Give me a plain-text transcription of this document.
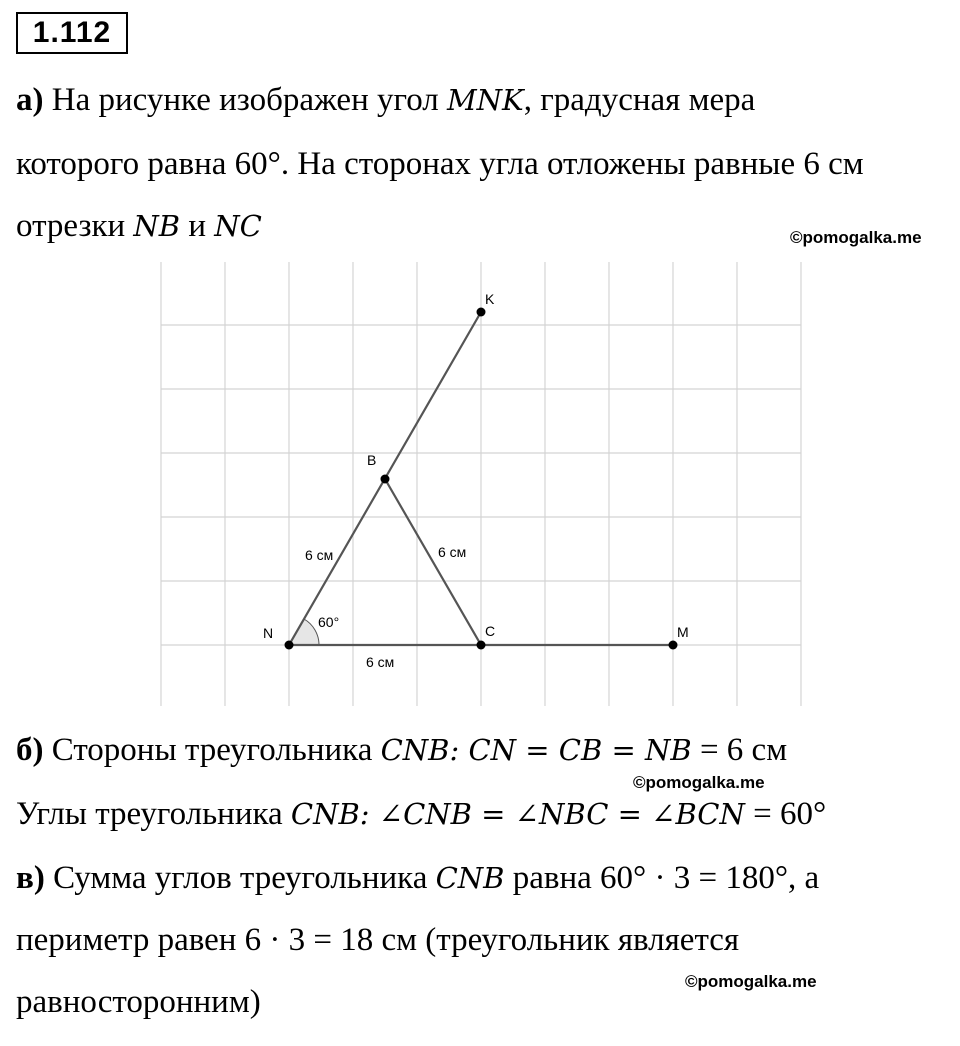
1.112
а) На рисунке изображен угол MNK, градусная мера
которого равна 60°. На сторонах угла отложены равные 6 см
отрезки NB и NC	©pomogalka.me
K
B
N	C	M
60°
6 см	6 см
6 см
б) Стороны треугольника CNB: CN = CB = NB = 6 см
©pomogalka.me
Углы треугольника CNB: ∠CNB = ∠NBC = ∠BCN = 60°
в) Сумма углов треугольника CNB равна 60° · 3 = 180°, а
периметр равен 6 · 3 = 18 см (треугольник является
©pomogalka.me
равносторонним)
